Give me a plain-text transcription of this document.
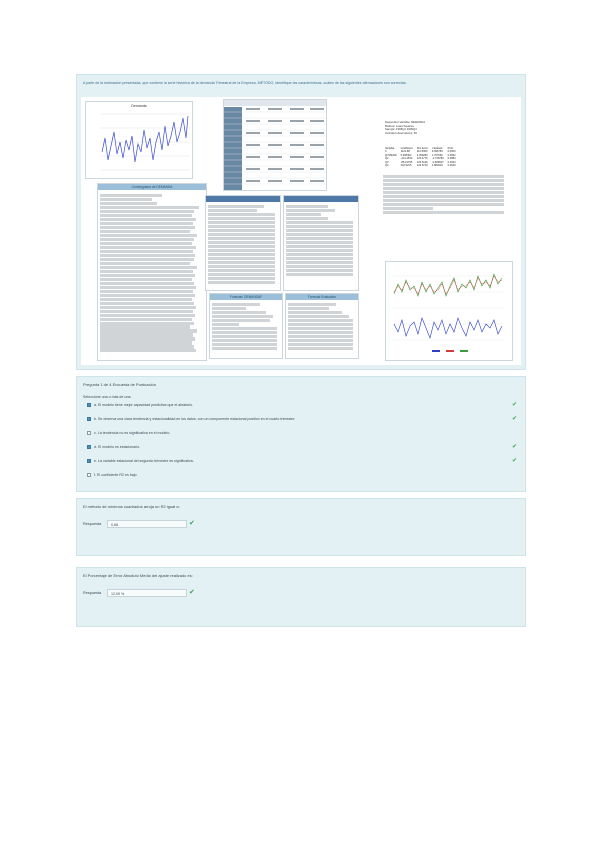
A partir de la estimación presentada, que contiene la serie histórica de la demanda Trimestral de la Empresa, MÉTODO, identifique las características, cuáles de las siguientes afirmaciones son correctas:

Demanda
Correlograma de DEMANDA
Dependent Variable: DEMANDA
Method: Least Squares
Sample: 1996Q1 2009Q4
Included observations: 56
Variable	Coefficient	Std. Error	t-Statistic	Prob.
C	1124.88	112.5060	9.996784	0.0000
@TREND	5.938462	3.359283	1.767660	0.0832
Q2	-214.4530	123.4770	-1.736783	0.0883
Q3	-85.21795	123.5126	-0.689927	0.4934
Q4	232.9215	123.5710	1.884919	0.0649
Forecast: DEMANDAF	Forecast Evaluation
Pregunta 1 de 4 Encuesta de Puntuación
Seleccione una o más de una:
a. El modelo tiene mejor capacidad predictiva que el aleatorio.	✔
b. Se observa una clara tendencia y estacionalidad en los datos, con un componente estacional positivo en el cuarto trimestre.	✔
c. La tendencia no es significativa en el modelo.
d. El modelo es estacionario.	✔
e. La variable estacional del segundo trimestre es significativa.	✔
f. El coeficiente R2 es bajo.
El método de mínimos cuadrados arroja un R2 igual a:
Respuesta	0,68	✔
El Porcentaje de Error Absoluto Medio del ajuste realizado es:
Respuesta	12,09 %	✔
